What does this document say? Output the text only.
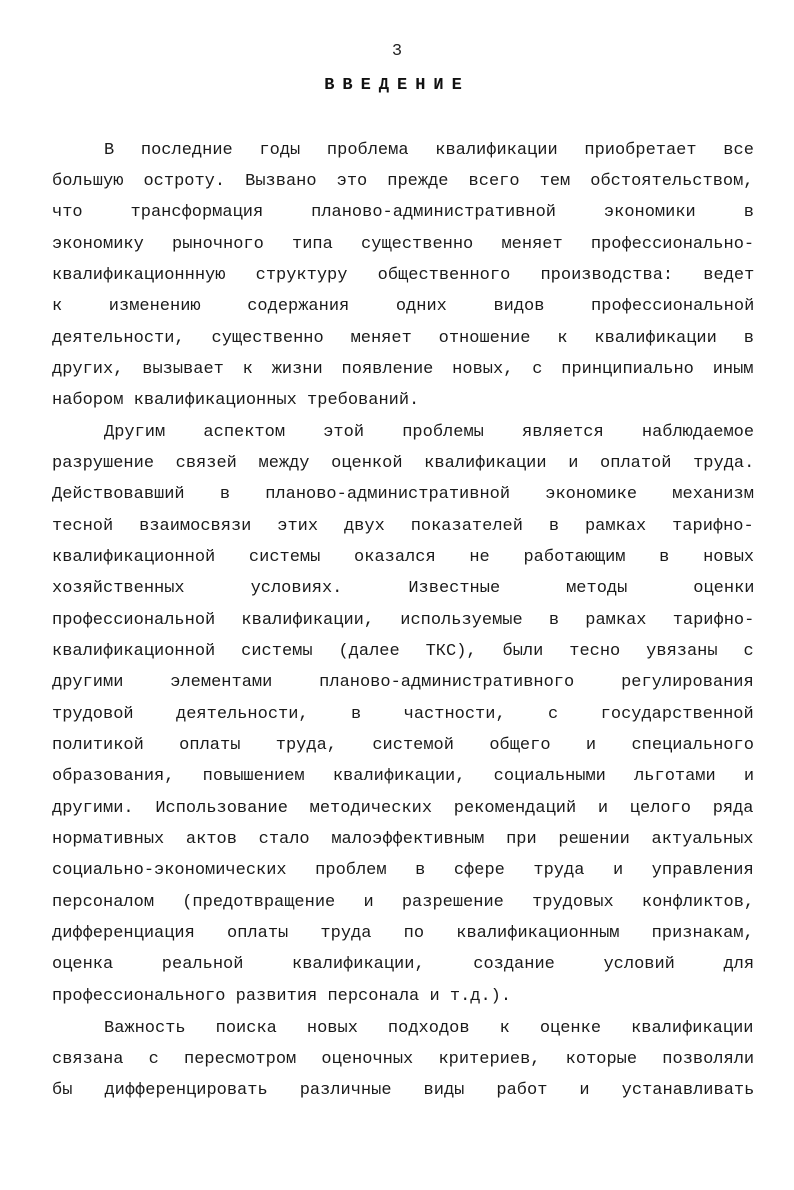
3
ВВЕДЕНИЕ
В последние годы проблема квалификации приобретает все
большую остроту. Вызвано это прежде всего тем обстоятельством,
что трансформация планово-административной экономики в
экономику рыночного типа существенно меняет профессионально-
квалификационнную структуру общественного производства: ведет
к изменению содержания одних видов профессиональной
деятельности, существенно меняет отношение к квалификации в
других, вызывает к жизни появление новых, с принципиально иным
набором квалификационных требований.
Другим аспектом этой проблемы является наблюдаемое
разрушение связей между оценкой квалификации и оплатой труда.
Действовавший в планово-административной экономике механизм
тесной взаимосвязи этих двух показателей в рамках тарифно-
квалификационной системы оказался не работающим в новых
хозяйственных условиях. Известные методы оценки
профессиональной квалификации, используемые в рамках тарифно-
квалификационной системы (далее ТКС), были тесно увязаны с
другими элементами планово-административного регулирования
трудовой деятельности, в частности, с государственной
политикой оплаты труда, системой общего и специального
образования, повышением квалификации, социальными льготами и
другими. Использование методических рекомендаций и целого ряда
нормативных актов стало малоэффективным при решении актуальных
социально-экономических проблем в сфере труда и управления
персоналом (предотвращение и разрешение трудовых конфликтов,
дифференциация оплаты труда по квалификационным признакам,
оценка реальной квалификации, создание условий для
профессионального развития персонала и т.д.).
Важность поиска новых подходов к оценке квалификации
связана с пересмотром оценочных критериев, которые позволяли
бы дифференцировать различные виды работ и устанавливать
